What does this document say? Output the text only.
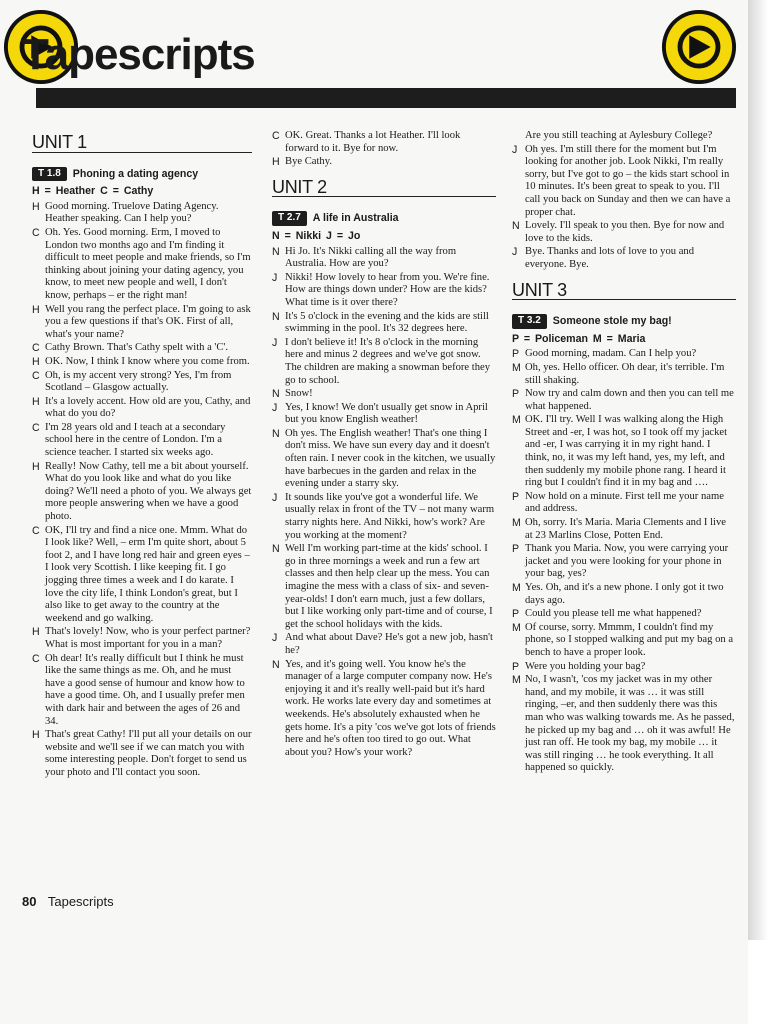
Tapescripts
UNIT 1
T 1.8	Phoning a dating agency
H = Heather C = Cathy
H Good morning. Truelove Dating Agency. Heather speaking. Can I help you?
C Oh. Yes. Good morning. Erm, I moved to London two months ago and I'm finding it difficult to meet people and make friends, so I'm thinking about joining your dating agency, you know, to meet new people and well, I don't know, perhaps – er the right man!
H Well you rang the perfect place. I'm going to ask you a few questions if that's OK. First of all, what's your name?
C Cathy Brown. That's Cathy spelt with a 'C'.
H OK. Now, I think I know where you come from.
C Oh, is my accent very strong? Yes, I'm from Scotland – Glasgow actually.
H It's a lovely accent. How old are you, Cathy, and what do you do?
C I'm 28 years old and I teach at a secondary school here in the centre of London. I'm a science teacher. I started six weeks ago.
H Really! Now Cathy, tell me a bit about yourself. What do you look like and what do you like doing? We'll need a photo of you. We always get more people answering when we have a good photo.
C OK, I'll try and find a nice one. Mmm. What do I look like? Well, – erm I'm quite short, about 5 foot 2, and I have long red hair and green eyes – I look very Scottish. I like keeping fit. I go jogging three times a week and I do karate. I love the city life, I think London's great, but I also like to get away to the country at the weekend and go walking.
H That's lovely! Now, who is your perfect partner? What is most important for you in a man?
C Oh dear! It's really difficult but I think he must like the same things as me. Oh, and he must have a good sense of humour and know how to have a good time. Oh, and I usually prefer men with dark hair and between the ages of 26 and 34.
H That's great Cathy! I'll put all your details on our website and we'll see if we can match you with some interesting people. Don't forget to send us your photo and I'll contact you soon.
C OK. Great. Thanks a lot Heather. I'll look forward to it. Bye for now.
H Bye Cathy.
UNIT 2
T 2.7	A life in Australia
N = Nikki J = Jo
N Hi Jo. It's Nikki calling all the way from Australia. How are you?
J Nikki! How lovely to hear from you. We're fine. How are things down under? How are the kids? What time is it over there?
N It's 5 o'clock in the evening and the kids are still swimming in the pool. It's 32 degrees here.
J I don't believe it! It's 8 o'clock in the morning here and minus 2 degrees and we've got snow. The children are making a snowman before they go to school.
N Snow!
J Yes, I know! We don't usually get snow in April but you know English weather!
N Oh yes. The English weather! That's one thing I don't miss. We have sun every day and it doesn't often rain. I never cook in the kitchen, we usually have barbecues in the garden and relax in the evening under a starry sky.
J It sounds like you've got a wonderful life. We usually relax in front of the TV – not many warm starry nights here. And Nikki, how's work? Are you working at the moment?
N Well I'm working part-time at the kids' school. I go in three mornings a week and run a few art classes and then help clear up the mess. You can imagine the mess with a class of six- and seven- year-olds! I don't earn much, just a few dollars, but I like working only part-time and of course, I get the school holidays with the kids.
J And what about Dave? He's got a new job, hasn't he?
N Yes, and it's going well. You know he's the manager of a large computer company now. He's enjoying it and it's really well-paid but it's hard work. He works late every day and sometimes at weekends. He's absolutely exhausted when he gets home. It's a pity 'cos we've got lots of friends here and he's often too tired to go out. What about you? How's your work?
Are you still teaching at Aylesbury College?
J Oh yes. I'm still there for the moment but I'm looking for another job. Look Nikki, I'm really sorry, but I've got to go – the kids start school in 10 minutes. It's been great to speak to you. I'll call you back on Sunday and then we can have a proper chat.
N Lovely. I'll speak to you then. Bye for now and love to the kids.
J Bye. Thanks and lots of love to you and everyone. Bye.
UNIT 3
T 3.2	Someone stole my bag!
P = Policeman M = Maria
P Good morning, madam. Can I help you?
M Oh, yes. Hello officer. Oh dear, it's terrible. I'm still shaking.
P Now try and calm down and then you can tell me what happened.
M OK. I'll try. Well I was walking along the High Street and -er, I was hot, so I took off my jacket and -er, I was carrying it in my right hand. I think, no, it was my left hand, yes, my left, and then suddenly my mobile phone rang. I heard it ring but I couldn't find it in my bag and ….
P Now hold on a minute. First tell me your name and address.
M Oh, sorry. It's Maria. Maria Clements and I live at 23 Marlins Close, Potten End.
P Thank you Maria. Now, you were carrying your jacket and you were looking for your phone in your bag, yes?
M Yes. Oh, and it's a new phone. I only got it two days ago.
P Could you please tell me what happened?
M Of course, sorry. Mmmm, I couldn't find my phone, so I stopped walking and put my bag on a bench to have a proper look.
P Were you holding your bag?
M No, I wasn't, 'cos my jacket was in my other hand, and my mobile, it was … it was still ringing, –er, and then suddenly there was this man who was walking towards me. As he passed, he picked up my bag and … oh it was awful! He just ran off. He took my bag, my mobile … it was still ringing … he took everything. It all happened so quickly.
80 Tapescripts
